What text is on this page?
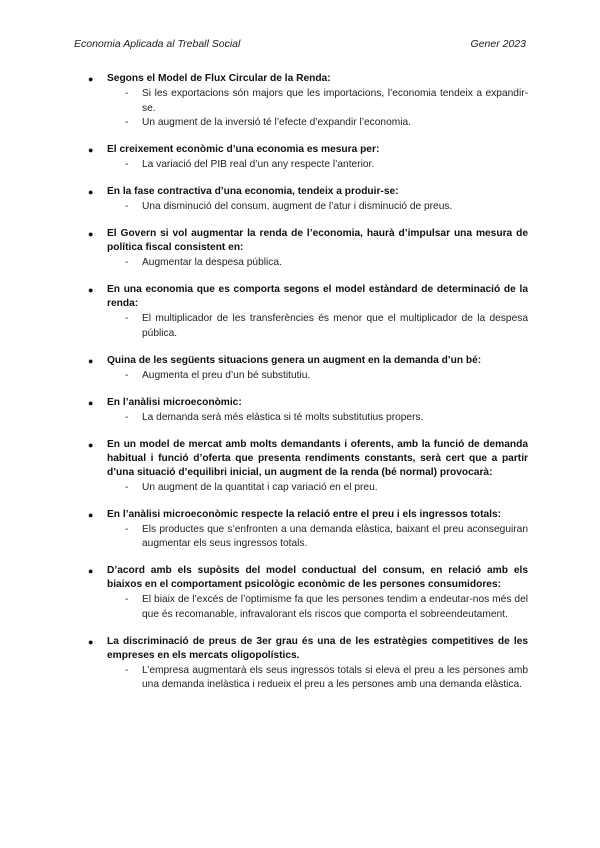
Economia Aplicada al Treball Social	Gener 2023
● Segons el Model de Flux Circular de la Renda:
- Si les exportacions són majors que les importacions, l’economia tendeix a expandir-se.
- Un augment de la inversió té l’efecte d’expandir l’economia.
● El creixement econòmic d’una economia es mesura per:
- La variació del PIB real d’un any respecte l’anterior.
● En la fase contractiva d’una economia, tendeix a produir-se:
- Una disminució del consum, augment de l’atur i disminució de preus.
● El Govern si vol augmentar la renda de l’economia, haurà d’impulsar una mesura de política fiscal consistent en:
- Augmentar la despesa pública.
● En una economia que es comporta segons el model estàndard de determinació de la renda:
- El multiplicador de les transferències és menor que el multiplicador de la despesa pública.
● Quina de les següents situacions genera un augment en la demanda d’un bé:
- Augmenta el preu d’un bé substitutiu.
● En l’anàlisi microeconòmic:
- La demanda serà més elàstica si té molts substitutius propers.
● En un model de mercat amb molts demandants i oferents, amb la funció de demanda habitual i funció d’oferta que presenta rendiments constants, serà cert que a partir d’una situació d’equilibri inicial, un augment de la renda (bé normal) provocarà:
- Un augment de la quantitat i cap variació en el preu.
● En l’anàlisi microeconòmic respecte la relació entre el preu i els ingressos totals:
- Els productes que s’enfronten a una demanda elàstica, baixant el preu aconseguiran augmentar els seus ingressos totals.
● D’acord amb els supòsits del model conductual del consum, en relació amb els biaixos en el comportament psicològic econòmic de les persones consumidores:
- El biaix de l’excés de l’optimisme fa que les persones tendim a endeutar-nos més del que és recomanable, infravalorant els riscos que comporta el sobreendeutament.
● La discriminació de preus de 3er grau és una de les estratègies competitives de les empreses en els mercats oligopolístics.
- L’empresa augmentarà els seus ingressos totals si eleva el preu a les persones amb una demanda inelàstica i redueix el preu a les persones amb una demanda elàstica.
